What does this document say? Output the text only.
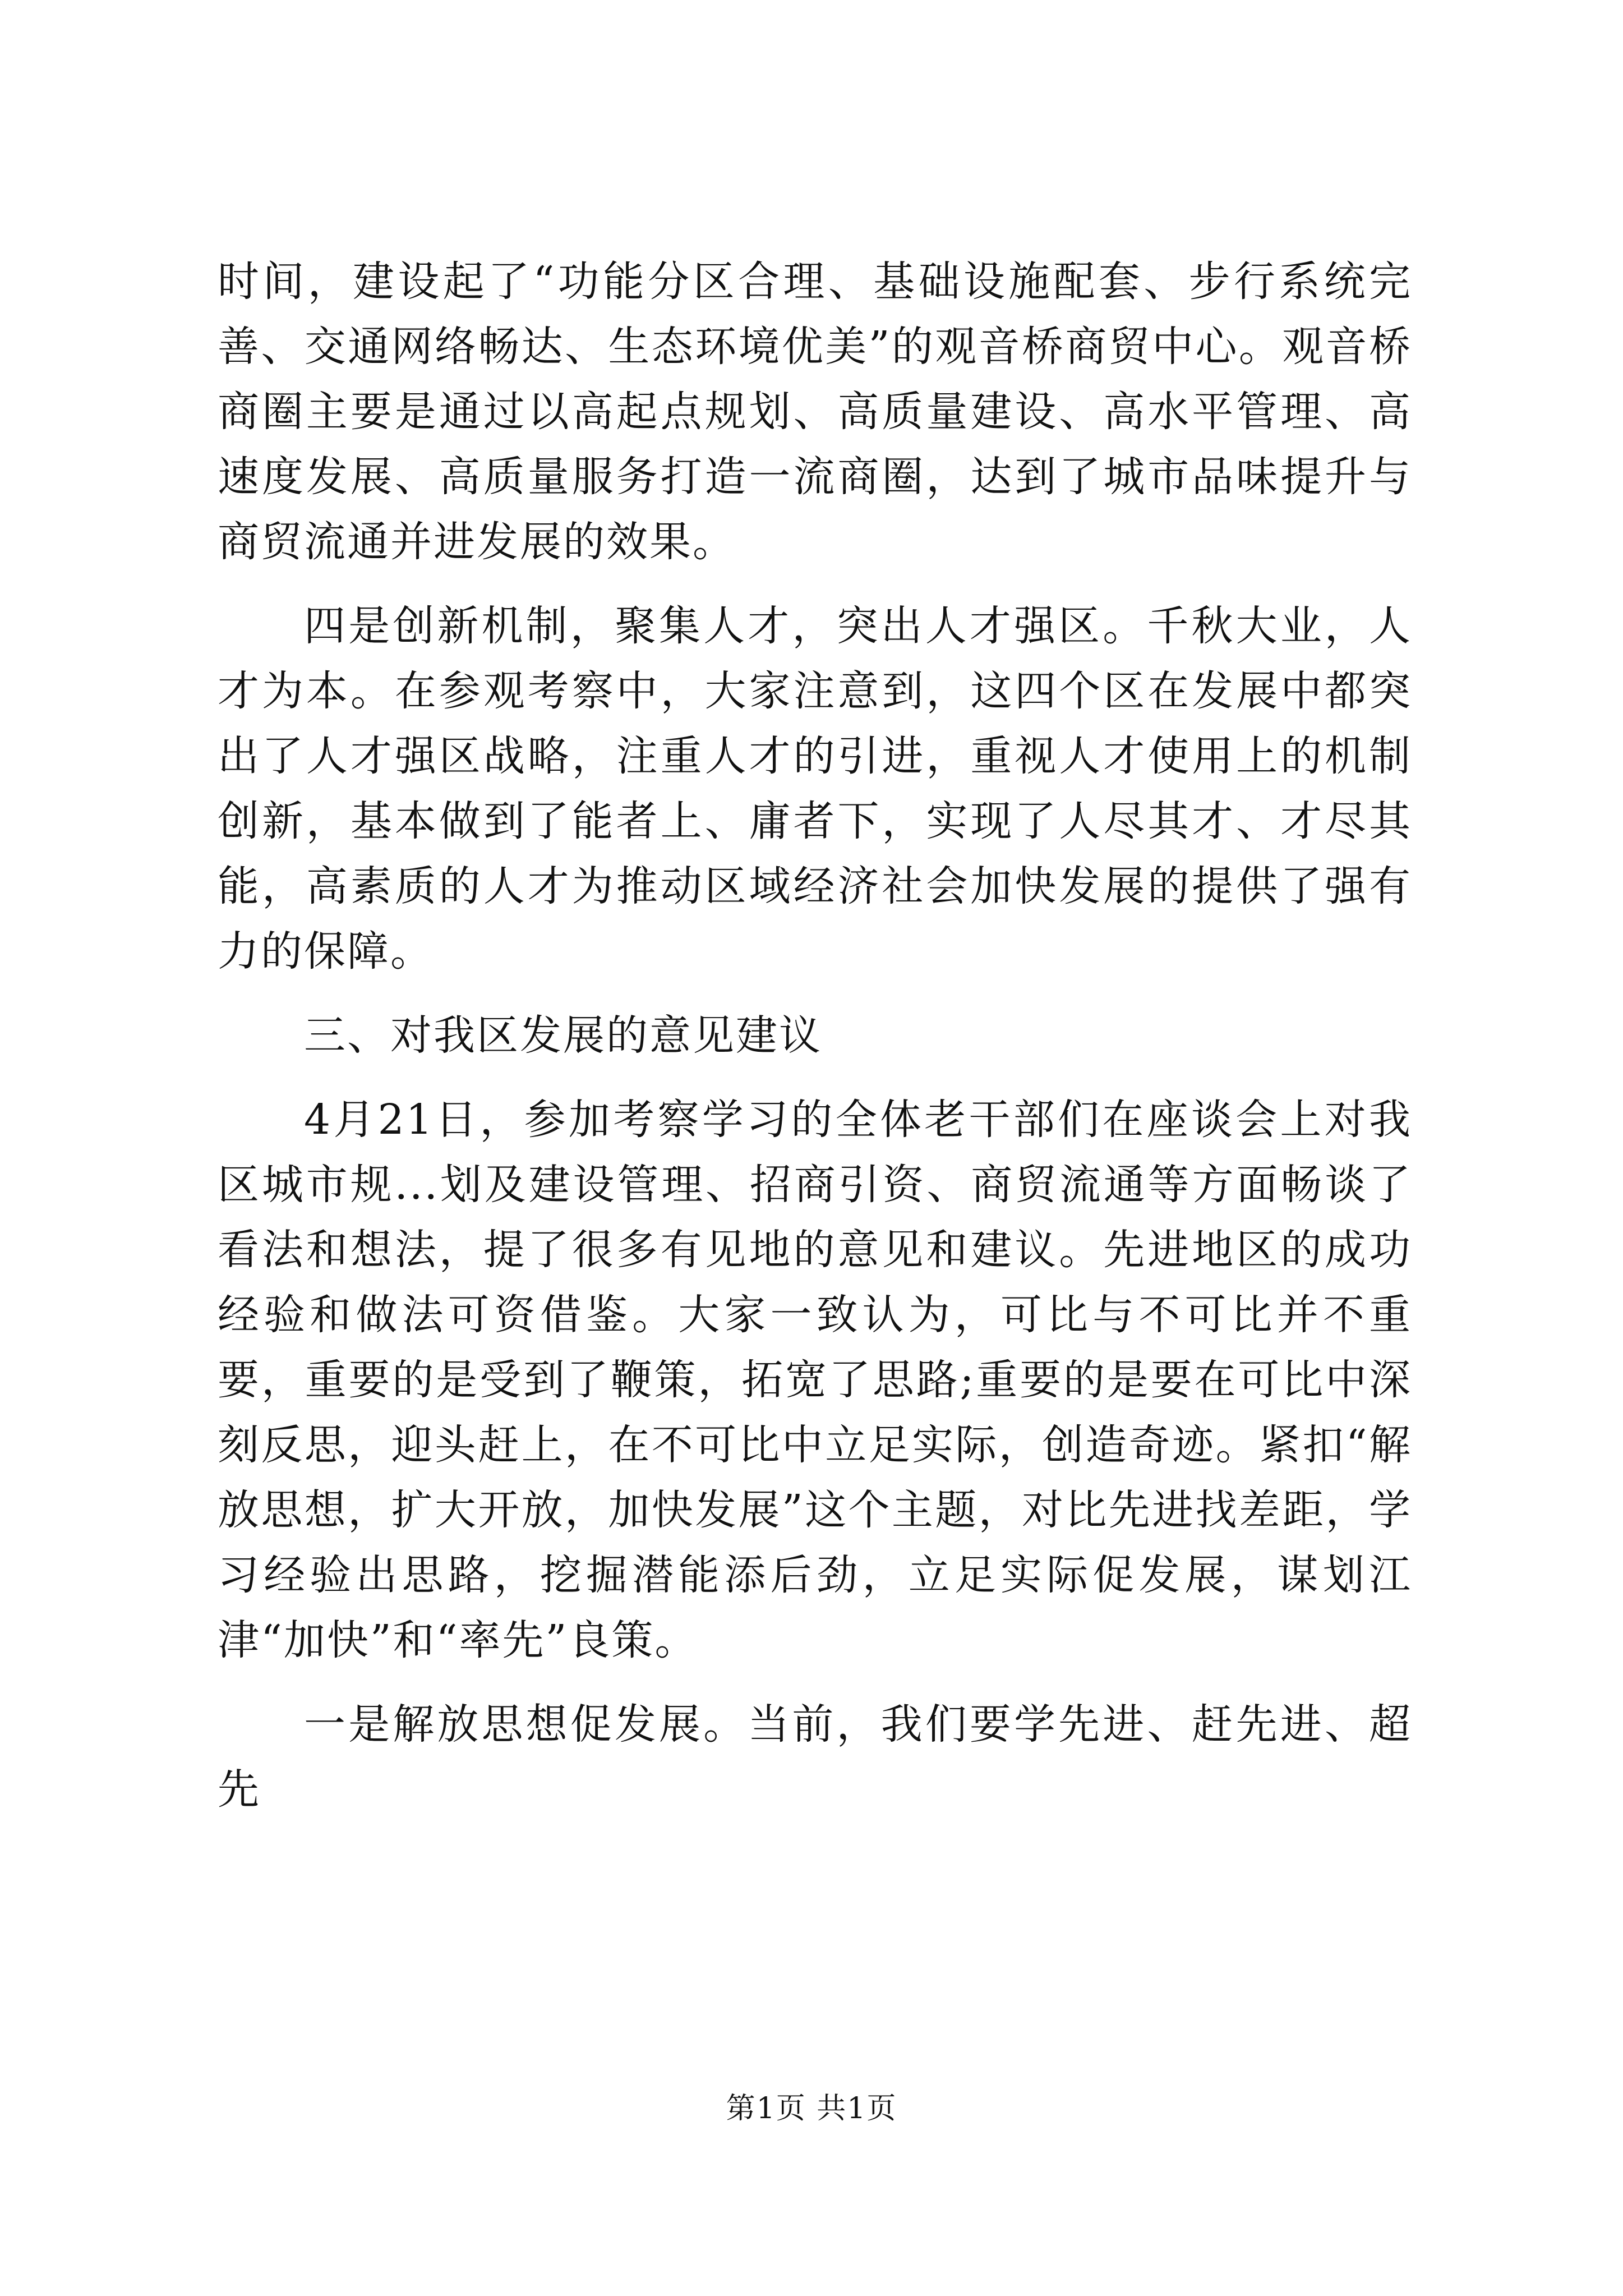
时间，建设起了“功能分区合理、基础设施配套、步行系统完善、交通网络畅达、生态环境优美”的观音桥商贸中心。观音桥商圈主要是通过以高起点规划、高质量建设、高水平管理、高速度发展、高质量服务打造一流商圈，达到了城市品味提升与商贸流通并进发展的效果。

四是创新机制，聚集人才，突出人才强区。千秋大业，人才为本。在参观考察中，大家注意到，这四个区在发展中都突出了人才强区战略，注重人才的引进，重视人才使用上的机制创新，基本做到了能者上、庸者下，实现了人尽其才、才尽其能，高素质的人才为推动区域经济社会加快发展的提供了强有力的保障。

三、对我区发展的意见建议

4月21日，参加考察学习的全体老干部们在座谈会上对我区城市规...划及建设管理、招商引资、商贸流通等方面畅谈了看法和想法，提了很多有见地的意见和建议。先进地区的成功经验和做法可资借鉴。大家一致认为，可比与不可比并不重要，重要的是受到了鞭策，拓宽了思路;重要的是要在可比中深刻反思，迎头赶上，在不可比中立足实际，创造奇迹。紧扣“解放思想，扩大开放，加快发展”这个主题，对比先进找差距，学习经验出思路，挖掘潜能添后劲，立足实际促发展，谋划江津“加快”和“率先”良策。

一是解放思想促发展。当前，我们要学先进、赶先进、超先

第1页 共1页
